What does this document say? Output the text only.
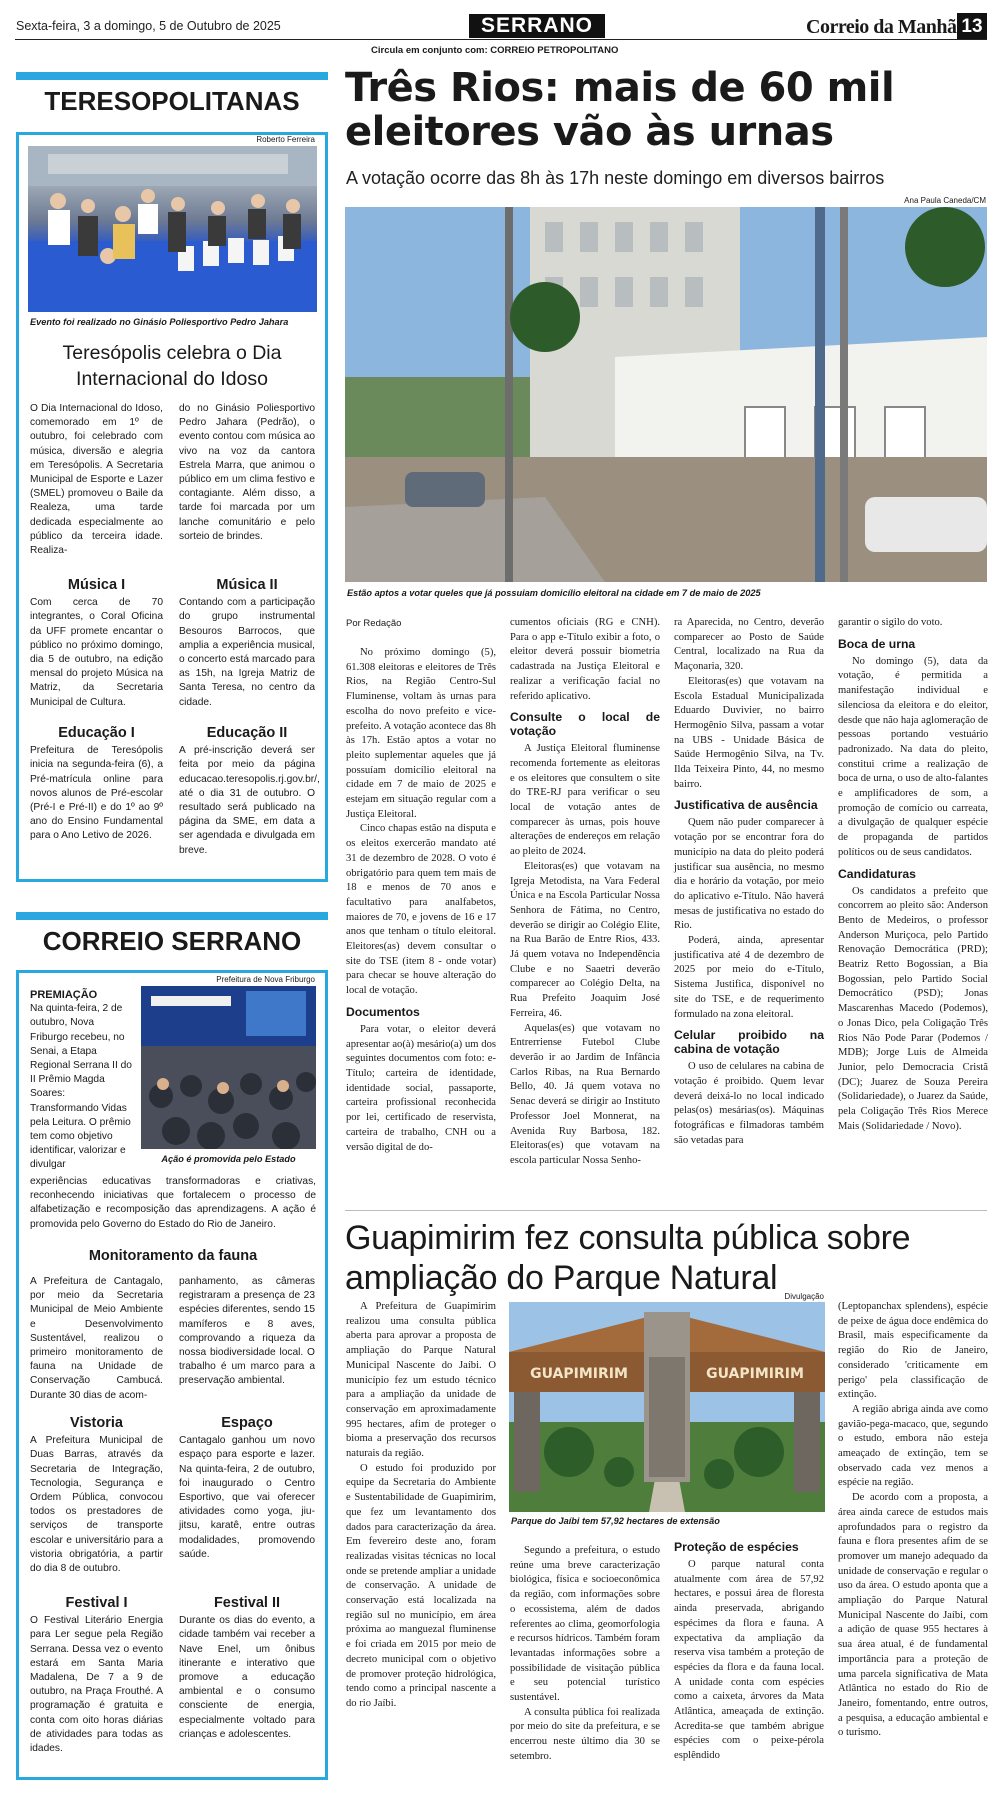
Sexta-feira, 3 a domingo, 5 de Outubro de 2025	SERRANO	Correio da Manhã 13
Circula em conjunto com: CORREIO PETROPOLITANO
TERESOPOLITANAS
Roberto Ferreira
Evento foi realizado no Ginásio Poliesportivo Pedro Jahara
Teresópolis celebra o Dia Internacional do Idoso

O Dia Internacional do Idoso, comemorado em 1º de outubro, foi celebrado com música, diversão e alegria em Teresópolis. A Secretaria Municipal de Esporte e Lazer (SMEL) promoveu o Baile da Realeza, uma tarde dedicada especialmente ao público da terceira idade. Realiza-

do no Ginásio Poliesportivo Pedro Jahara (Pedrão), o evento contou com música ao vivo na voz da cantora Estrela Marra, que animou o público em um clima festivo e contagiante. Além disso, a tarde foi marcada por um lanche comunitário e pelo sorteio de brindes.

Música I

Com cerca de 70 integrantes, o Coral Oficina da UFF promete encantar o público no próximo domingo, dia 5 de outubro, na edição mensal do projeto Música na Matriz, da Secretaria Municipal de Cultura.

Música II

Contando com a participação do grupo instrumental Besouros Barrocos, que amplia a experiência musical, o concerto está marcado para as 15h, na Igreja Matriz de Santa Teresa, no centro da cidade.

Educação I

Prefeitura de Teresópolis inicia na segunda-feira (6), a Pré-matrícula online para novos alunos de Pré-escolar (Pré-I e Pré-II) e do 1º ao 9º ano do Ensino Fundamental para o Ano Letivo de 2026.

Educação II

A pré-inscrição deverá ser feita por meio da página educacao.teresopolis.rj.gov.br/, até o dia 31 de outubro. O resultado será publicado na página da SME, em data a ser agendada e divulgada em breve.

CORREIO SERRANO
Prefeitura de Nova Friburgo
Ação é promovida pelo Estado
PREMIAÇÃO

Na quinta-feira, 2 de outubro, Nova Friburgo recebeu, no Senai, a Etapa Regional Serrana II do II Prêmio Magda Soares: Transformando Vidas pela Leitura. O prêmio tem como objetivo identificar, valorizar e divulgar

experiências educativas transformadoras e criativas, reconhecendo iniciativas que fortalecem o processo de alfabetização e recomposição das aprendizagens. A ação é promovida pelo Governo do Estado do Rio de Janeiro.

Monitoramento da fauna

A Prefeitura de Cantagalo, por meio da Secretaria Municipal de Meio Ambiente e Desenvolvimento Sustentável, realizou o primeiro monitoramento de fauna na Unidade de Conservação Cambucá. Durante 30 dias de acom-

panhamento, as câmeras registraram a presença de 23 espécies diferentes, sendo 15 mamíferos e 8 aves, comprovando a riqueza da nossa biodiversidade local. O trabalho é um marco para a preservação ambiental.

Vistoria

A Prefeitura Municipal de Duas Barras, através da Secretaria de Integração, Tecnologia, Segurança e Ordem Pública, convocou todos os prestadores de serviços de transporte escolar e universitário para a vistoria obrigatória, a partir do dia 8 de outubro.

Espaço

Cantagalo ganhou um novo espaço para esporte e lazer. Na quinta-feira, 2 de outubro, foi inaugurado o Centro Esportivo, que vai oferecer atividades como yoga, jiu-jitsu, karatê, entre outras modalidades, promovendo saúde.

Festival I

O Festival Literário Energia para Ler segue pela Região Serrana. Dessa vez o evento estará em Santa Maria Madalena, De 7 a 9 de outubro, na Praça Frouthé. A programação é gratuita e conta com oito horas diárias de atividades para todas as idades.

Festival II

Durante os dias do evento, a cidade também vai receber a Nave Enel, um ônibus itinerante e interativo que promove a educação ambiental e o consumo consciente de energia, especialmente voltado para crianças e adolescentes.

Três Rios: mais de 60 mil eleitores vão às urnas
A votação ocorre das 8h às 17h neste domingo em diversos bairros
Ana Paula Caneda/CM
Estão aptos a votar queles que já possuiam domicílio eleitoral na cidade em 7 de maio de 2025
Por Redação

No próximo domingo (5), 61.308 eleitoras e eleitores de Três Rios, na Região Centro-Sul Fluminense, voltam às urnas para escolha do novo prefeito e vice-prefeito. A votação acontece das 8h às 17h. Estão aptos a votar no pleito suplementar aqueles que já possuíam domicílio eleitoral na cidade em 7 de maio de 2025 e estejam em situação regular com a Justiça Eleitoral.

Cinco chapas estão na disputa e os eleitos exercerão mandato até 31 de dezembro de 2028. O voto é obrigatório para quem tem mais de 18 e menos de 70 anos e facultativo para analfabetos, maiores de 70, e jovens de 16 e 17 anos que tenham o título eleitoral. Eleitores(as) devem consultar o site do TSE (item 8 - onde votar) para checar se houve alteração do local de votação.

Documentos

Para votar, o eleitor deverá apresentar ao(à) mesário(a) um dos seguintes documentos com foto: e-Título; carteira de identidade, identidade social, passaporte, carteira profissional reconhecida por lei, certificado de reservista, carteira de trabalho, CNH ou a versão digital de do-

cumentos oficiais (RG e CNH). Para o app e-Título exibir a foto, o eleitor deverá possuir biometria cadastrada na Justiça Eleitoral e realizar a verificação facial no referido aplicativo.

Consulte o local de votação

A Justiça Eleitoral fluminense recomenda fortemente as eleitoras e os eleitores que consultem o site do TRE-RJ para verificar o seu local de votação antes de comparecer às urnas, pois houve alterações de endereços em relação ao pleito de 2024.

Eleitoras(es) que votavam na Igreja Metodista, na Vara Federal Única e na Escola Particular Nossa Senhora de Fátima, no Centro, deverão se dirigir ao Colégio Elite, na Rua Barão de Entre Rios, 433. Já quem votava no Independência Clube e no Saaetri deverão comparecer ao Colégio Delta, na Rua Prefeito Joaquim José Ferreira, 46.

Aquelas(es) que votavam no Entrerriense Futebol Clube deverão ir ao Jardim de Infância Carlos Ribas, na Rua Bernardo Bello, 40. Já quem votava no Senac deverá se dirigir ao Instituto Professor Joel Monnerat, na Avenida Ruy Barbosa, 182. Eleitoras(es) que votavam na escola particular Nossa Senho-

ra Aparecida, no Centro, deverão comparecer ao Posto de Saúde Central, localizado na Rua da Maçonaria, 320.

Eleitoras(es) que votavam na Escola Estadual Municipalizada Eduardo Duvivier, no bairro Hermogênio Silva, passam a votar na UBS - Unidade Básica de Saúde Hermogênio Silva, na Tv. Ilda Teixeira Pinto, 44, no mesmo bairro.

Justificativa de ausência

Quem não puder comparecer à votação por se encontrar fora do município na data do pleito poderá justificar sua ausência, no mesmo dia e horário da votação, por meio do aplicativo e-Título. Não haverá mesas de justificativa no estado do Rio.

Poderá, ainda, apresentar justificativa até 4 de dezembro de 2025 por meio do e-Título, Sistema Justifica, disponível no site do TSE, e de requerimento formulado na zona eleitoral.

Celular proibido na cabina de votação

O uso de celulares na cabina de votação é proibido. Quem levar deverá deixá-lo no local indicado pelas(os) mesárias(os). Máquinas fotográficas e filmadoras também são vetadas para

garantir o sigilo do voto.

Boca de urna

No domingo (5), data da votação, é permitida a manifestação individual e silenciosa da eleitora e do eleitor, desde que não haja aglomeração de pessoas portando vestuário padronizado. Na data do pleito, constitui crime a realização de boca de urna, o uso de alto-falantes e amplificadores de som, a promoção de comício ou carreata, a divulgação de qualquer espécie de propaganda de partidos políticos ou de seus candidatos.

Candidaturas

Os candidatos a prefeito que concorrem ao pleito são: Anderson Bento de Medeiros, o professor Anderson Muriçoca, pelo Partido Renovação Democrática (PRD); Beatriz Retto Bogossian, a Bia Bogossian, pelo Partido Social Democrático (PSD); Jonas Mascarenhas Macedo (Podemos), o Jonas Dico, pela Coligação Três Rios Não Pode Parar (Podemos / MDB); Jorge Luis de Almeida Junior, pelo Democracia Cristã (DC); Juarez de Souza Pereira (Solidariedade), o Juarez da Saúde, pela Coligação Três Rios Merece Mais (Solidariedade / Novo).

Guapimirim fez consulta pública sobre ampliação do Parque Natural Divulgação
GUAPIMIRIM	GUAPIMIRIM
Parque do Jaíbi tem 57,92 hectares de extensão

A Prefeitura de Guapimirim realizou uma consulta pública aberta para aprovar a proposta de ampliação do Parque Natural Municipal Nascente do Jaíbi. O município fez um estudo técnico para a ampliação da unidade de conservação em aproximadamente 995 hectares, afim de proteger o bioma a preservação dos recursos naturais da região.

O estudo foi produzido por equipe da Secretaria do Ambiente e Sustentabilidade de Guapimirim, que fez um levantamento dos dados para caracterização da área. Em fevereiro deste ano, foram realizadas visitas técnicas no local onde se pretende ampliar a unidade de conservação. A unidade de conservação está localizada na região sul no município, em área próxima ao manguezal fluminense e foi criada em 2015 por meio de decreto municipal com o objetivo de promover proteção hidrológica, tendo como a principal nascente a do rio Jaíbi.

Segundo a prefeitura, o estudo reúne uma breve caracterização biológica, física e socioeconômica da região, com informações sobre o ecossistema, além de dados referentes ao clima, geomorfologia e recursos hídricos. Também foram levantadas informações sobre a possibilidade de visitação pública e seu potencial turístico sustentável.

A consulta pública foi realizada por meio do site da prefeitura, e se encerrou neste último dia 30 se setembro.

Proteção de espécies

O parque natural conta atualmente com área de 57,92 hectares, e possui área de floresta ainda preservada, abrigando espécimes da flora e fauna. A expectativa da ampliação da reserva visa também a proteção de espécies da flora e da fauna local. A unidade conta com espécies como a caixeta, árvores da Mata Atlântica, ameaçada de extinção. Acredita-se que também abrigue espécies com o peixe-pérola esplêndido

(Leptopanchax splendens), espécie de peixe de água doce endêmica do Brasil, mais especificamente da região do Rio de Janeiro, considerado 'criticamente em perigo' pela classificação de extinção.

A região abriga ainda ave como gavião-pega-macaco, que, segundo o estudo, embora não esteja ameaçado de extinção, tem se observado cada vez menos a espécie na região.

De acordo com a proposta, a área ainda carece de estudos mais aprofundados para o registro da fauna e flora presentes afim de se promover um manejo adequado da unidade de conservação e regular o uso da área. O estudo aponta que a ampliação do Parque Natural Municipal Nascente do Jaíbi, com a adição de quase 955 hectares à sua área atual, é de fundamental importância para a proteção de uma parcela significativa de Mata Atlântica no estado do Rio de Janeiro, fomentando, entre outros, a pesquisa, a educação ambiental e o turismo.
